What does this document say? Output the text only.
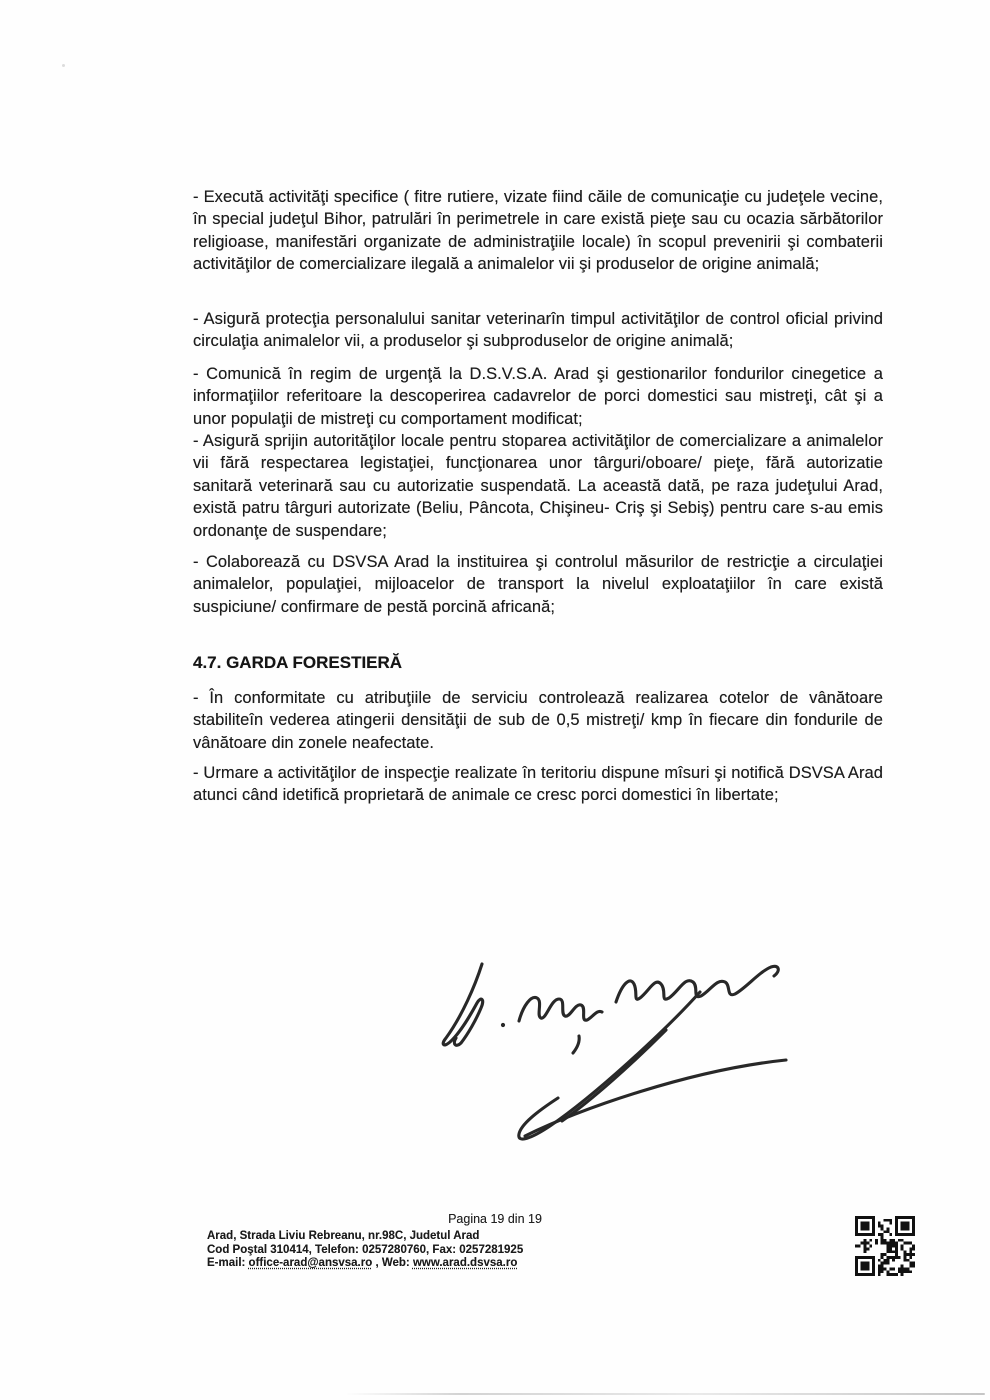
- Execută activităţi specifice ( fitre rutiere, vizate fiind căile de comunicaţie cu judeţele vecine, în special judeţul Bihor, patrulări în perimetrele in care există pieţe sau cu ocazia sărbătorilor religioase, manifestări organizate de administraţiile locale) în scopul prevenirii şi combaterii activităţilor de comercializare ilegală a animalelor vii şi produselor de origine animală;

- Asigură protecţia personalului sanitar veterinarîn timpul activităţilor de control oficial privind circulaţia animalelor vii, a produselor şi subproduselor de origine animală;

- Comunică în regim de urgenţă la D.S.V.S.A. Arad şi gestionarilor fondurilor cinegetice a informaţiilor referitoare la descoperirea cadavrelor de porci domestici sau mistreţi, cât şi a unor populaţii de mistreţi cu comportament modificat;

- Asigură sprijin autorităţilor locale pentru stoparea activităţilor de comercializare a animalelor vii fără respectarea legistaţiei, funcţionarea unor târguri/oboare/ pieţe, fără autorizatie sanitară veterinară sau cu autorizatie suspendată. La această dată, pe raza judeţului Arad, există patru târguri autorizate (Beliu, Pâncota, Chişineu- Criş şi Sebiş) pentru care s-au emis ordonanţe de suspendare;

- Colaborează cu DSVSA Arad la instituirea şi controlul măsurilor de restricţie a circulaţiei animalelor, populaţiei, mijloacelor de transport la nivelul exploataţiilor în care există suspiciune/ confirmare de pestă porcină africană;

4.7. GARDA FORESTIERĂ

- În conformitate cu atribuţiile de serviciu controlează realizarea cotelor de vânătoare stabiliteîn vederea atingerii densităţii de sub de 0,5 mistreţi/ kmp în fiecare din fondurile de vânătoare din zonele neafectate.

- Urmare a activităţilor de inspecţie realizate în teritoriu dispune mîsuri şi notifică DSVSA Arad atunci când idetifică proprietară de animale ce cresc porci domestici în libertate;

Pagina 19 din 19
Arad, Strada Liviu Rebreanu, nr.98C, Judetul Arad
Cod Poştal 310414, Telefon: 0257280760, Fax: 0257281925
E-mail: office-arad@ansvsa.ro , Web: www.arad.dsvsa.ro
